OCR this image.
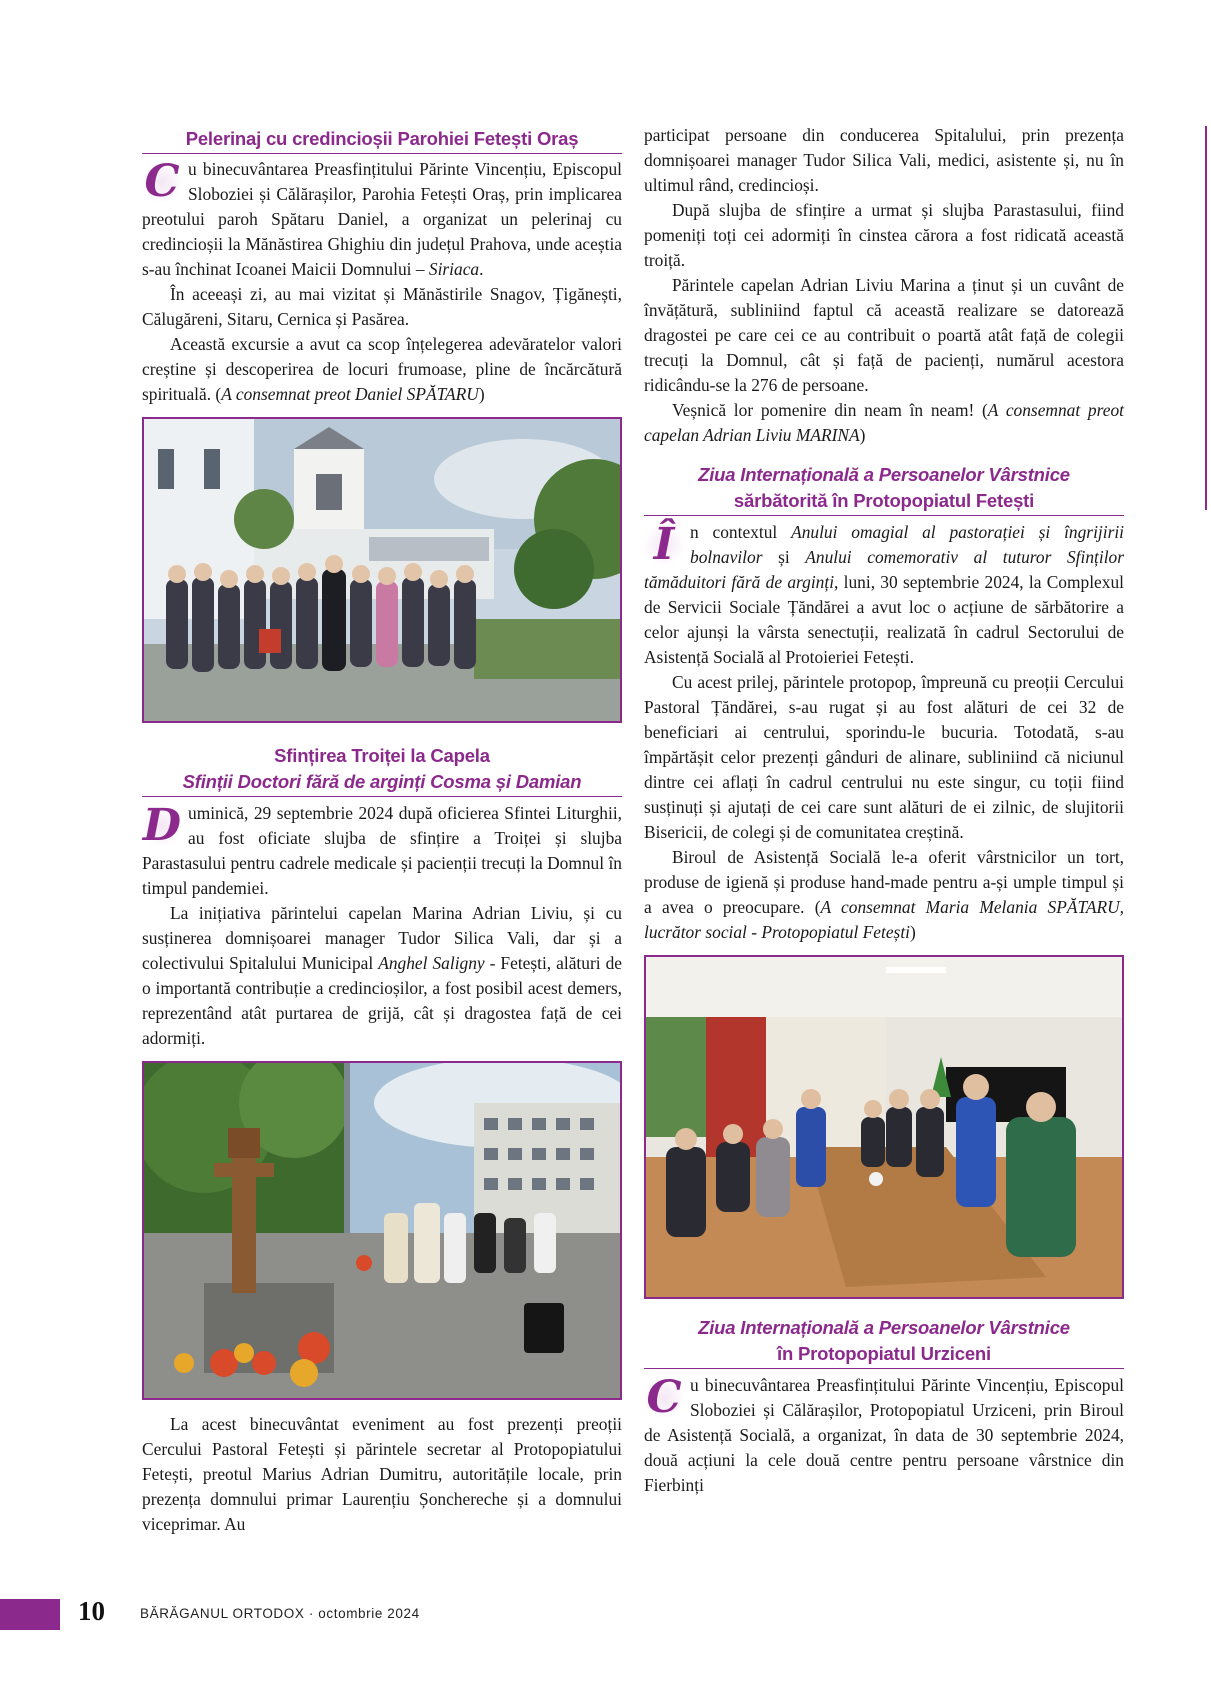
Pelerinaj cu credincioșii Parohiei Fetești Oraș

C u binecuvântarea Preasfințitului Părinte Vincențiu, Episcopul Sloboziei și Călărașilor, Parohia Fetești Oraș, prin implicarea preotului paroh Spătaru Daniel, a organizat un pelerinaj cu credincioșii la Mănăstirea Ghighiu din județul Prahova, unde aceștia s-au închinat Icoanei Maicii Domnului – Siriaca.

În aceeași zi, au mai vizitat și Mănăstirile Snagov, Țigănești, Călugăreni, Sitaru, Cernica și Pasărea.

Această excursie a avut ca scop înțelegerea adevăratelor valori creștine și descoperirea de locuri frumoase, pline de încărcătură spirituală. (A consemnat preot Daniel SPĂTARU)

Sfințirea Troiței la Capela
Sfinții Doctori fără de arginți Cosma și Damian

D uminică, 29 septembrie 2024 după oficierea Sfintei Liturghii, au fost oficiate slujba de sfințire a Troiței și slujba Parastasului pentru cadrele medicale și pacienții trecuți la Domnul în timpul pandemiei.

La inițiativa părintelui capelan Marina Adrian Liviu, și cu susținerea domnișoarei manager Tudor Silica Vali, dar și a colectivului Spitalului Municipal Anghel Saligny - Fetești, alături de o importantă contribuție a credincioșilor, a fost posibil acest demers, reprezentând atât purtarea de grijă, cât și dragostea față de cei adormiți.

La acest binecuvântat eveniment au fost prezenți preoții Cercului Pastoral Fetești și părintele secretar al Protopopiatului Fetești, preotul Marius Adrian Dumitru, autoritățile locale, prin prezența domnului primar Laurențiu Șonchereche și a domnului viceprimar. Au

participat persoane din conducerea Spitalului, prin prezența domnișoarei manager Tudor Silica Vali, medici, asistente și, nu în ultimul rând, credincioși.

După slujba de sfințire a urmat și slujba Parastasului, fiind pomeniți toți cei adormiți în cinstea cărora a fost ridicată această troiță.

Părintele capelan Adrian Liviu Marina a ținut și un cuvânt de învățătură, subliniind faptul că această realizare se datorează dragostei pe care cei ce au contribuit o poartă atât față de colegii trecuți la Domnul, cât și față de pacienți, numărul acestora ridicându-se la 276 de persoane.

Veșnică lor pomenire din neam în neam! (A consemnat preot capelan Adrian Liviu MARINA)

Ziua Internațională a Persoanelor Vârstnice
sărbătorită în Protopopiatul Fetești

Î n contextul Anului omagial al pastorației și îngrijirii bolnavilor și Anului comemorativ al tuturor Sfinților tămăduitori fără de arginți, luni, 30 septembrie 2024, la Complexul de Servicii Sociale Țăndărei a avut loc o acțiune de sărbătorire a celor ajunși la vârsta senectuții, realizată în cadrul Sectorului de Asistență Socială al Protoieriei Fetești.

Cu acest prilej, părintele protopop, împreună cu preoții Cercului Pastoral Țăndărei, s-au rugat și au fost alături de cei 32 de beneficiari ai centrului, sporindu-le bucuria. Totodată, s-au împărtășit celor prezenți gânduri de alinare, subliniind că niciunul dintre cei aflați în cadrul centrului nu este singur, cu toții fiind susținuți și ajutați de cei care sunt alături de ei zilnic, de slujitorii Bisericii, de colegi și de comunitatea creștină.

Biroul de Asistență Socială le-a oferit vârstnicilor un tort, produse de igienă și produse hand-made pentru a-și umple timpul și a avea o preocupare. (A consemnat Maria Melania SPĂTARU, lucrător social - Protopopiatul Fetești)

Ziua Internațională a Persoanelor Vârstnice
în Protopopiatul Urziceni

C u binecuvântarea Preasfințitului Părinte Vincențiu, Episcopul Sloboziei și Călărașilor, Protopopiatul Urziceni, prin Biroul de Asistență Socială, a organizat, în data de 30 septembrie 2024, două acțiuni la cele două centre pentru persoane vârstnice din Fierbinți

10	BĂRĂGANUL ORTODOX · octombrie 2024
